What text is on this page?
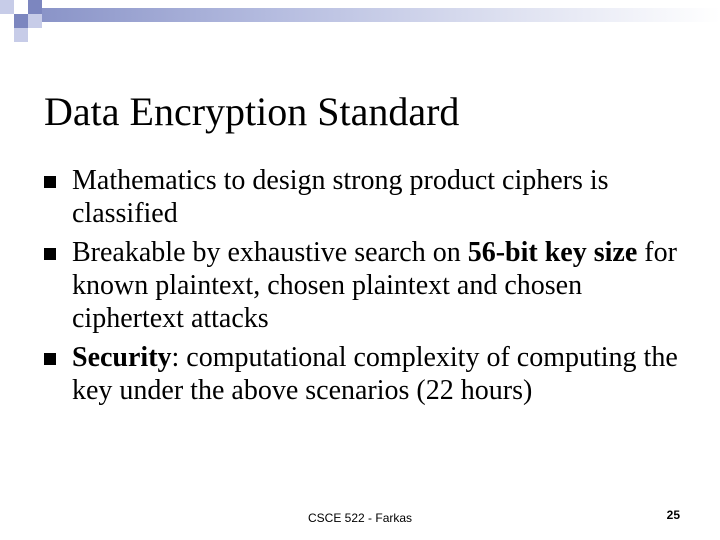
Data Encryption Standard
Mathematics to design strong product ciphers is classified
Breakable by exhaustive search on 56-bit key size for known plaintext, chosen plaintext and chosen ciphertext attacks
Security: computational complexity of computing the key under the above scenarios (22 hours)
CSCE 522 - Farkas	25
